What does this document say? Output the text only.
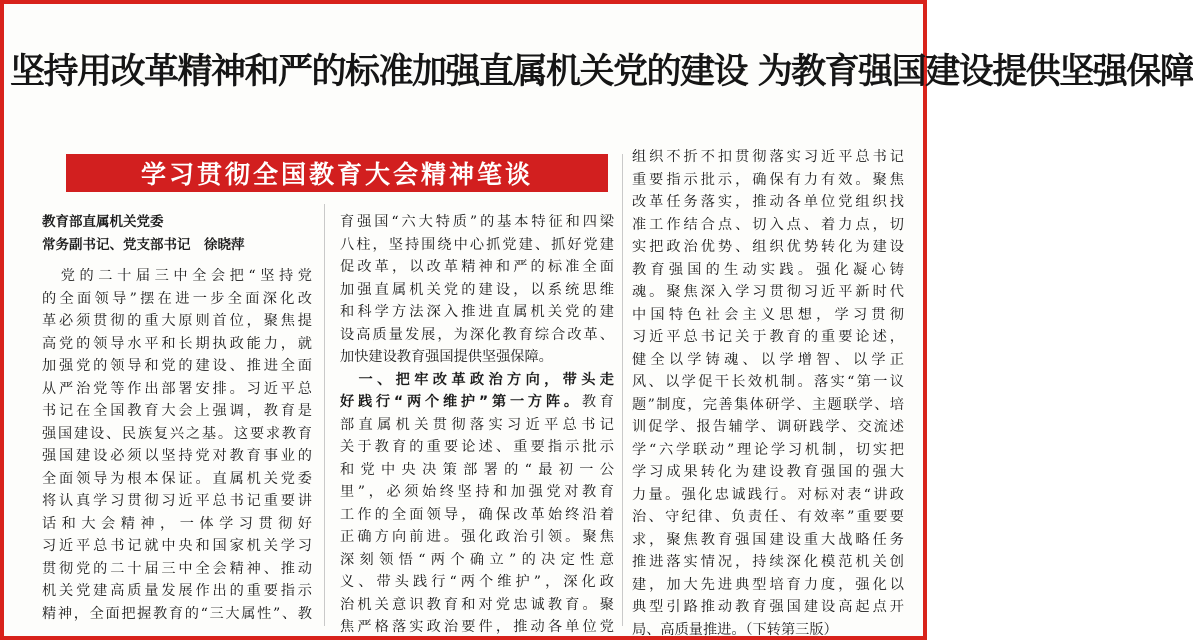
坚持用改革精神和严的标准加强直属机关党的建设 为教育强国建设提供坚强保障
学习贯彻全国教育大会精神笔谈

教育部直属机关党委

常务副书记、党支部书记　徐晓萍

　党的二十届三中全会把“坚持党

的全面领导”摆在进一步全面深化改

革必须贯彻的重大原则首位，聚焦提

高党的领导水平和长期执政能力，就

加强党的领导和党的建设、推进全面

从严治党等作出部署安排。习近平总

书记在全国教育大会上强调，教育是

强国建设、民族复兴之基。这要求教育

强国建设必须以坚持党对教育事业的

全面领导为根本保证。直属机关党委

将认真学习贯彻习近平总书记重要讲

话和大会精神，一体学习贯彻好

习近平总书记就中央和国家机关学习

贯彻党的二十届三中全会精神、推动

机关党建高质量发展作出的重要指示

精神，全面把握教育的“三大属性”、教

育强国“六大特质”的基本特征和四梁

八柱，坚持围绕中心抓党建、抓好党建

促改革，以改革精神和严的标准全面

加强直属机关党的建设，以系统思维

和科学方法深入推进直属机关党的建

设高质量发展，为深化教育综合改革、

加快建设教育强国提供坚强保障。

　一、把牢改革政治方向，带头走

好践行“两个维护”第一方阵。教育

部直属机关贯彻落实习近平总书记

关于教育的重要论述、重要指示批示

和党中央决策部署的“最初一公

里”，必须始终坚持和加强党对教育

工作的全面领导，确保改革始终沿着

正确方向前进。强化政治引领。聚焦

深刻领悟“两个确立”的决定性意

义、带头践行“两个维护”，深化政

治机关意识教育和对党忠诚教育。聚

焦严格落实政治要件，推动各单位党

组织不折不扣贯彻落实习近平总书记

重要指示批示，确保有力有效。聚焦

改革任务落实，推动各单位党组织找

准工作结合点、切入点、着力点，切

实把政治优势、组织优势转化为建设

教育强国的生动实践。强化凝心铸

魂。聚焦深入学习贯彻习近平新时代

中国特色社会主义思想，学习贯彻

习近平总书记关于教育的重要论述，

健全以学铸魂、以学增智、以学正

风、以学促干长效机制。落实“第一议

题”制度，完善集体研学、主题联学、培

训促学、报告辅学、调研践学、交流述

学“六学联动”理论学习机制，切实把

学习成果转化为建设教育强国的强大

力量。强化忠诚践行。对标对表“讲政

治、守纪律、负责任、有效率”重要要

求，聚焦教育强国建设重大战略任务

推进落实情况，持续深化模范机关创

建，加大先进典型培育力度，强化以

典型引路推动教育强国建设高起点开

局、高质量推进。（下转第三版）
